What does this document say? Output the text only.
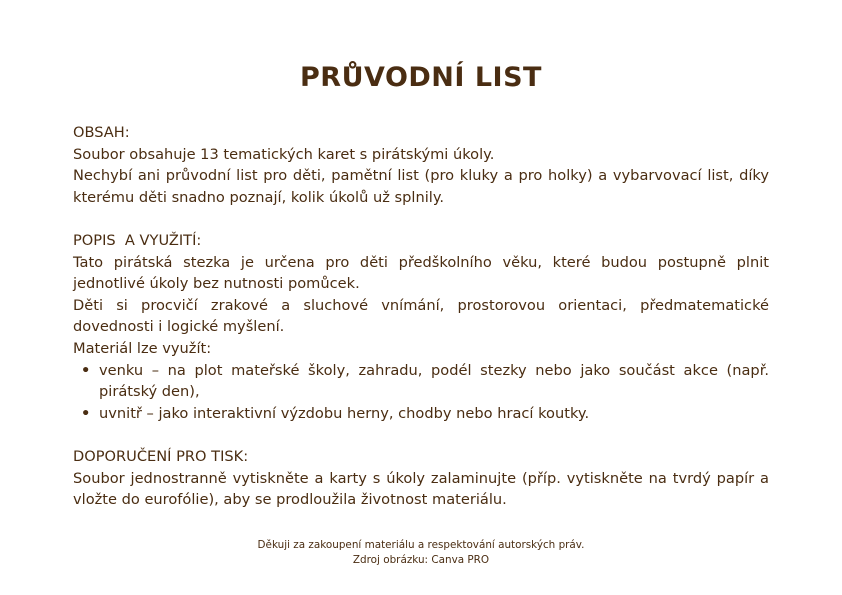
PRŮVODNÍ LIST

OBSAH:

Soubor obsahuje 13 tematických karet s pirátskými úkoly.

Nechybí ani průvodní list pro děti, pamětní list (pro kluky a pro holky) a vybarvovací list, díky kterému děti snadno poznají, kolik úkolů už splnily.

POPIS  A VYUŽITÍ:

Tato pirátská stezka je určena pro děti předškolního věku, které budou postupně plnit jednotlivé úkoly bez nutnosti pomůcek.

Děti si procvičí zrakové a sluchové vnímání, prostorovou orientaci, předmatematické dovednosti i logické myšlení.

Materiál lze využít:

• venku – na plot mateřské školy, zahradu, podél stezky nebo jako součást akce (např. pirátský den),
• uvnitř – jako interaktivní výzdobu herny, chodby nebo hrací koutky.

DOPORUČENÍ PRO TISK:

Soubor jednostranně vytiskněte a karty s úkoly zalaminujte (příp. vytiskněte na tvrdý papír a vložte do eurofólie), aby se prodloužila životnost materiálu.

Děkuji za zakoupení materiálu a respektování autorských práv.
Zdroj obrázku: Canva PRO
